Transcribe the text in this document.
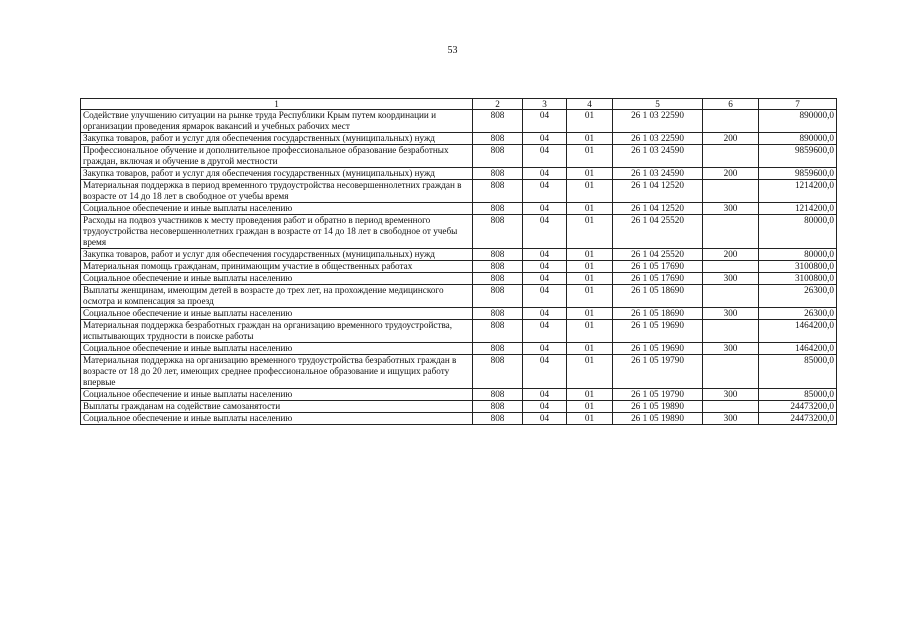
53
1	2	3	4	5	6	7
Содействие улучшению ситуации на рынке труда Республики Крым путем координации и организации проведения ярмарок вакансий и учебных рабочих мест	808	04	01	26 1 03 22590		890000,0
Закупка товаров, работ и услуг для обеспечения государственных (муниципальных) нужд	808	04	01	26 1 03 22590	200	890000,0
Профессиональное обучение и дополнительное профессиональное образование безработных граждан, включая и обучение в другой местности	808	04	01	26 1 03 24590		9859600,0
Закупка товаров, работ и услуг для обеспечения государственных (муниципальных) нужд	808	04	01	26 1 03 24590	200	9859600,0
Материальная поддержка в период временного трудоустройства несовершеннолетних граждан в возрасте от 14 до 18 лет в свободное от учебы время	808	04	01	26 1 04 12520		1214200,0
Социальное обеспечение и иные выплаты населению	808	04	01	26 1 04 12520	300	1214200,0
Расходы на подвоз участников к месту проведения работ и обратно в период временного трудоустройства несовершеннолетних граждан в возрасте от 14 до 18 лет в свободное от учебы время	808	04	01	26 1 04 25520		80000,0
Закупка товаров, работ и услуг для обеспечения государственных (муниципальных) нужд	808	04	01	26 1 04 25520	200	80000,0
Материальная помощь гражданам, принимающим участие в общественных работах	808	04	01	26 1 05 17690		3100800,0
Социальное обеспечение и иные выплаты населению	808	04	01	26 1 05 17690	300	3100800,0
Выплаты женщинам, имеющим детей в возрасте до трех лет, на прохождение медицинского осмотра и компенсация за проезд	808	04	01	26 1 05 18690		26300,0
Социальное обеспечение и иные выплаты населению	808	04	01	26 1 05 18690	300	26300,0
Материальная поддержка безработных граждан на организацию временного трудоустройства, испытывающих трудности в поиске работы	808	04	01	26 1 05 19690		1464200,0
Социальное обеспечение и иные выплаты населению	808	04	01	26 1 05 19690	300	1464200,0
Материальная поддержка на организацию временного трудоустройства безработных граждан в возрасте от 18 до 20 лет, имеющих среднее профессиональное образование и ищущих работу впервые	808	04	01	26 1 05 19790		85000,0
Социальное обеспечение и иные выплаты населению	808	04	01	26 1 05 19790	300	85000,0
Выплаты гражданам на содействие самозанятости	808	04	01	26 1 05 19890		24473200,0
Социальное обеспечение и иные выплаты населению	808	04	01	26 1 05 19890	300	24473200,0
